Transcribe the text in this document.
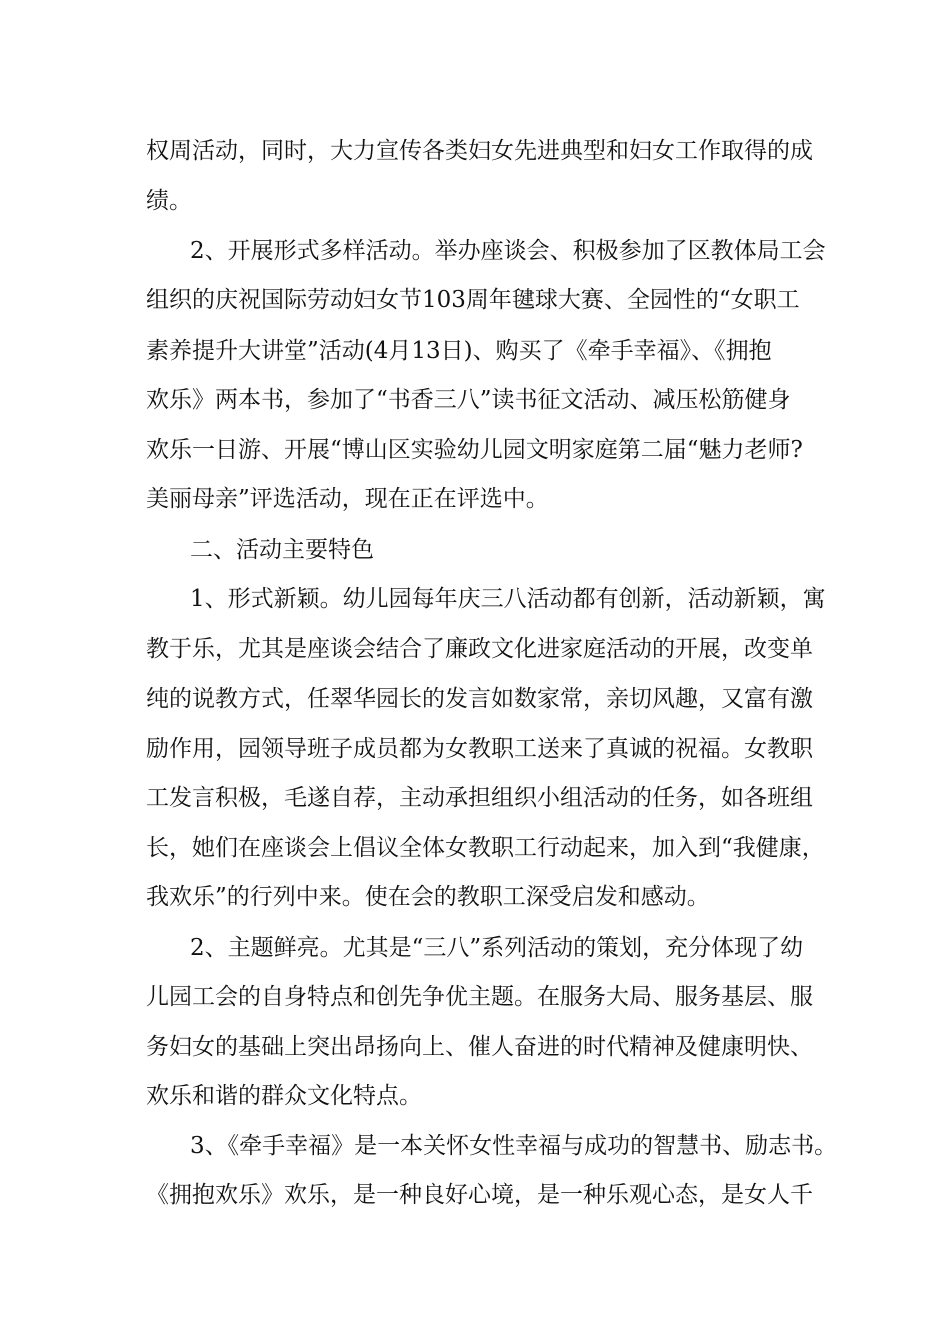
权周活动，同时，大力宣传各类妇女先进典型和妇女工作取得的成
绩。
2、开展形式多样活动。举办座谈会、积极参加了区教体局工会
组织的庆祝国际劳动妇女节103周年毽球大赛、全园性的“女职工
素养提升大讲堂”活动(4月13日)、购买了《牵手幸福》、《拥抱
欢乐》两本书，参加了“书香三八”读书征文活动、减压松筋健身
欢乐一日游、开展“博山区实验幼儿园文明家庭第二届“魅力老师?
美丽母亲”评选活动，现在正在评选中。
二、活动主要特色
1、形式新颖。幼儿园每年庆三八活动都有创新，活动新颖，寓
教于乐，尤其是座谈会结合了廉政文化进家庭活动的开展，改变单
纯的说教方式，任翠华园长的发言如数家常，亲切风趣，又富有激
励作用，园领导班子成员都为女教职工送来了真诚的祝福。女教职
工发言积极，毛遂自荐，主动承担组织小组活动的任务，如各班组
长，她们在座谈会上倡议全体女教职工行动起来，加入到“我健康，
我欢乐”的行列中来。使在会的教职工深受启发和感动。
2、主题鲜亮。尤其是“三八”系列活动的策划，充分体现了幼
儿园工会的自身特点和创先争优主题。在服务大局、服务基层、服
务妇女的基础上突出昂扬向上、催人奋进的时代精神及健康明快、
欢乐和谐的群众文化特点。
3、《牵手幸福》是一本关怀女性幸福与成功的智慧书、励志书。
《拥抱欢乐》欢乐，是一种良好心境，是一种乐观心态，是女人千
